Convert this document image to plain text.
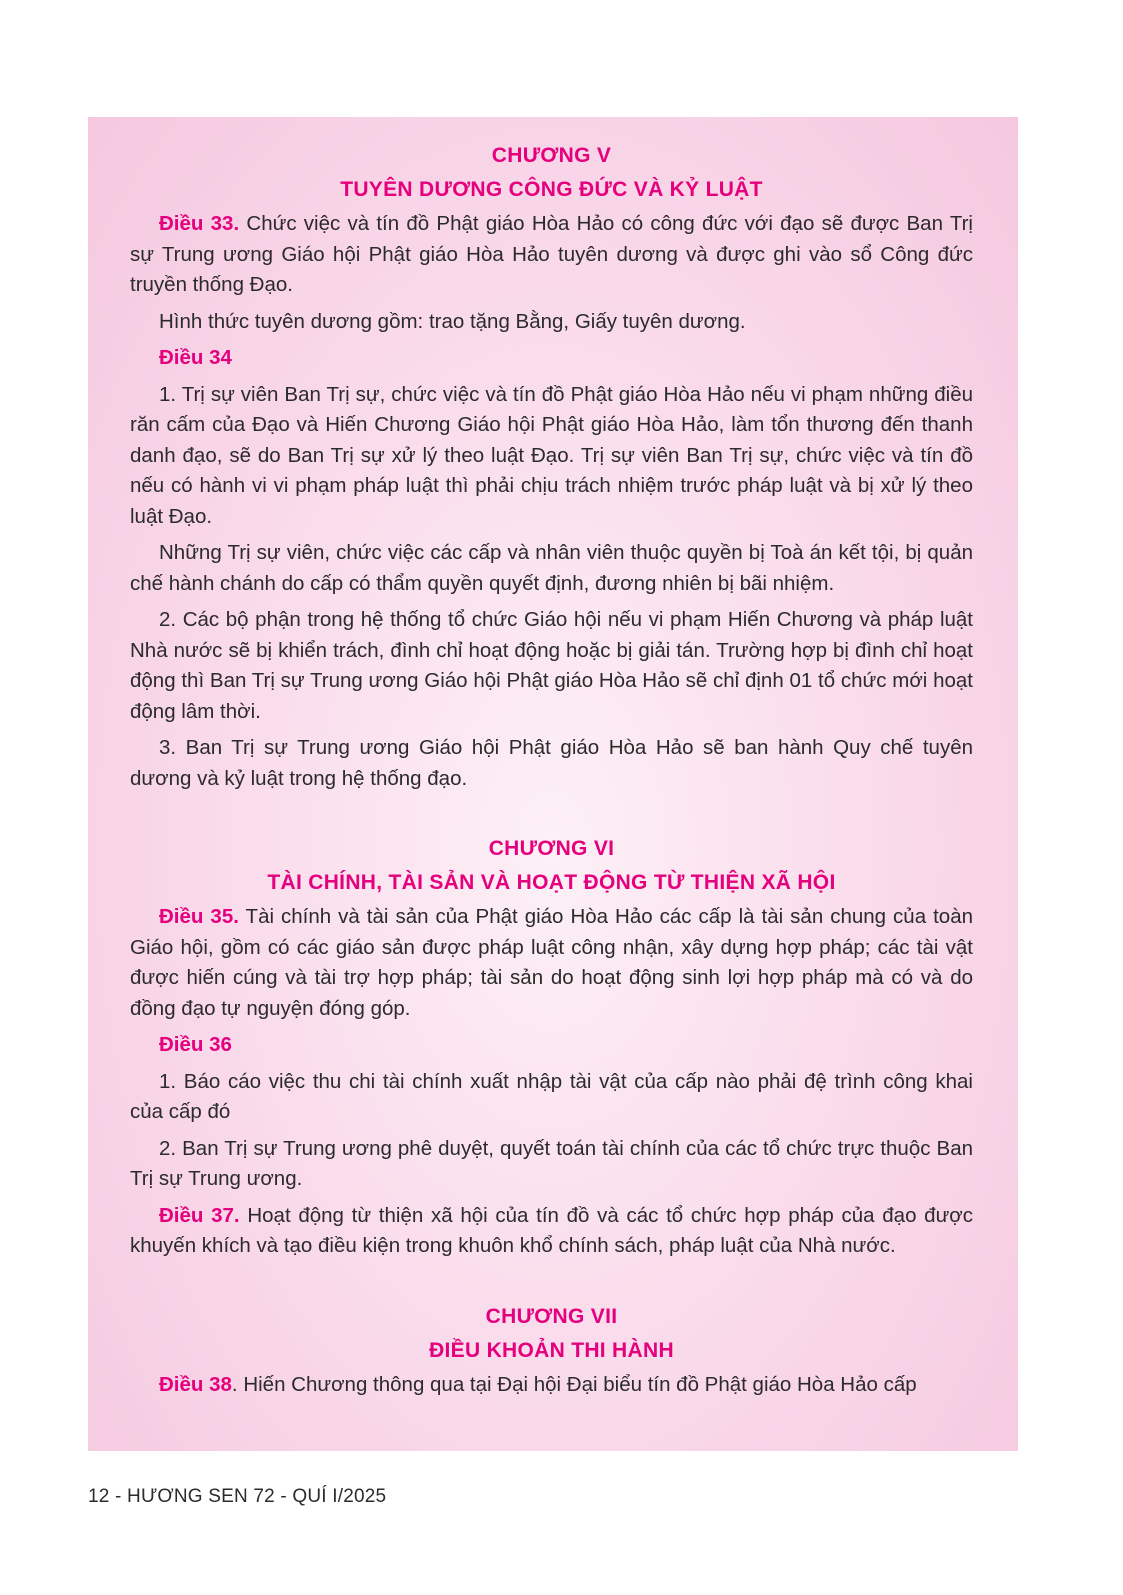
CHƯƠNG V
TUYÊN DƯƠNG CÔNG ĐỨC VÀ KỶ LUẬT

Điều 33. Chức việc và tín đồ Phật giáo Hòa Hảo có công đức với đạo sẽ được Ban Trị sự Trung ương Giáo hội Phật giáo Hòa Hảo tuyên dương và được ghi vào sổ Công đức truyền thống Đạo.

Hình thức tuyên dương gồm: trao tặng Bằng, Giấy tuyên dương.

Điều 34

1. Trị sự viên Ban Trị sự, chức việc và tín đồ Phật giáo Hòa Hảo nếu vi phạm những điều răn cấm của Đạo và Hiến Chương Giáo hội Phật giáo Hòa Hảo, làm tổn thương đến thanh danh đạo, sẽ do Ban Trị sự xử lý theo luật Đạo. Trị sự viên Ban Trị sự, chức việc và tín đồ nếu có hành vi vi phạm pháp luật thì phải chịu trách nhiệm trước pháp luật và bị xử lý theo luật Đạo.

Những Trị sự viên, chức việc các cấp và nhân viên thuộc quyền bị Toà án kết tội, bị quản chế hành chánh do cấp có thẩm quyền quyết định, đương nhiên bị bãi nhiệm.

2. Các bộ phận trong hệ thống tổ chức Giáo hội nếu vi phạm Hiến Chương và pháp luật Nhà nước sẽ bị khiển trách, đình chỉ hoạt động hoặc bị giải tán. Trường hợp bị đình chỉ hoạt động thì Ban Trị sự Trung ương Giáo hội Phật giáo Hòa Hảo sẽ chỉ định 01 tổ chức mới hoạt động lâm thời.

3. Ban Trị sự Trung ương Giáo hội Phật giáo Hòa Hảo sẽ ban hành Quy chế tuyên dương và kỷ luật trong hệ thống đạo.

CHƯƠNG VI
TÀI CHÍNH, TÀI SẢN VÀ HOẠT ĐỘNG TỪ THIỆN XÃ HỘI

Điều 35. Tài chính và tài sản của Phật giáo Hòa Hảo các cấp là tài sản chung của toàn Giáo hội, gồm có các giáo sản được pháp luật công nhận, xây dựng hợp pháp; các tài vật được hiến cúng và tài trợ hợp pháp; tài sản do hoạt động sinh lợi hợp pháp mà có và do đồng đạo tự nguyện đóng góp.

Điều 36

1. Báo cáo việc thu chi tài chính xuất nhập tài vật của cấp nào phải đệ trình công khai của cấp đó

2. Ban Trị sự Trung ương phê duyệt, quyết toán tài chính của các tổ chức trực thuộc Ban Trị sự Trung ương.

Điều 37. Hoạt động từ thiện xã hội của tín đồ và các tổ chức hợp pháp của đạo được khuyến khích và tạo điều kiện trong khuôn khổ chính sách, pháp luật của Nhà nước.

CHƯƠNG VII
ĐIỀU KHOẢN THI HÀNH

Điều 38. Hiến Chương thông qua tại Đại hội Đại biểu tín đồ Phật giáo Hòa Hảo cấp

12 - HƯƠNG SEN 72 - QUÍ I/2025
